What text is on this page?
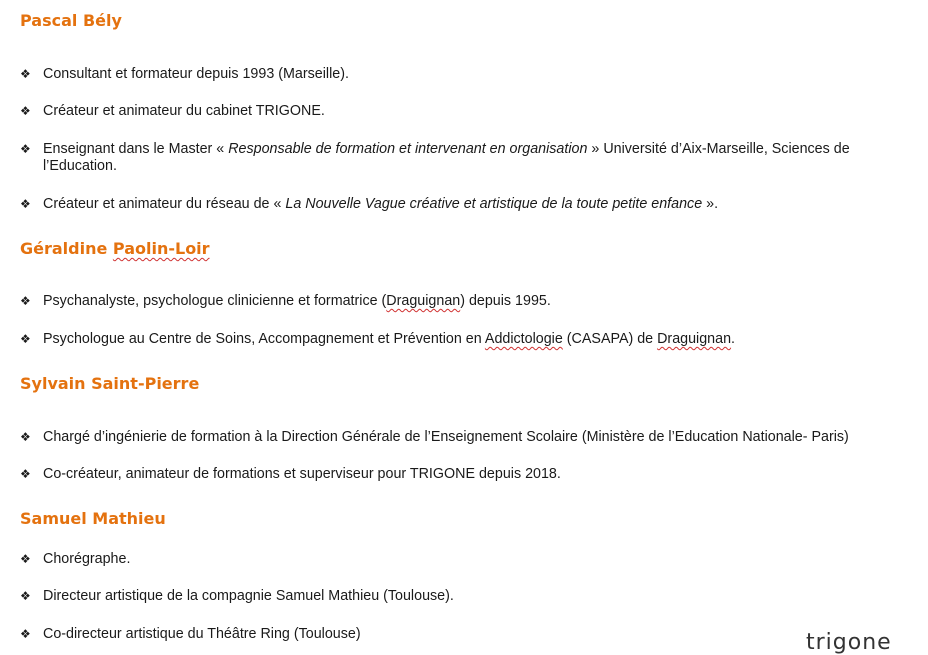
Pascal Bély
❖ Consultant et formateur depuis 1993 (Marseille).
❖ Créateur et animateur du cabinet TRIGONE.
❖ Enseignant dans le Master « Responsable de formation et intervenant en organisation » Université d’Aix-Marseille, Sciences de l’Education.
❖ Créateur et animateur du réseau de « La Nouvelle Vague créative et artistique de la toute petite enfance ».
Géraldine Paolin-Loir
❖ Psychanalyste, psychologue clinicienne et formatrice (Draguignan) depuis 1995.
❖ Psychologue au Centre de Soins, Accompagnement et Prévention en Addictologie (CASAPA) de Draguignan.
Sylvain Saint-Pierre
❖ Chargé d’ingénierie de formation à la Direction Générale de l’Enseignement Scolaire (Ministère de l’Education Nationale- Paris)
❖ Co-créateur, animateur de formations et superviseur pour TRIGONE depuis 2018.
Samuel Mathieu
❖ Chorégraphe.
❖ Directeur artistique de la compagnie Samuel Mathieu (Toulouse).
❖ Co-directeur artistique du Théâtre Ring (Toulouse)	trigone
